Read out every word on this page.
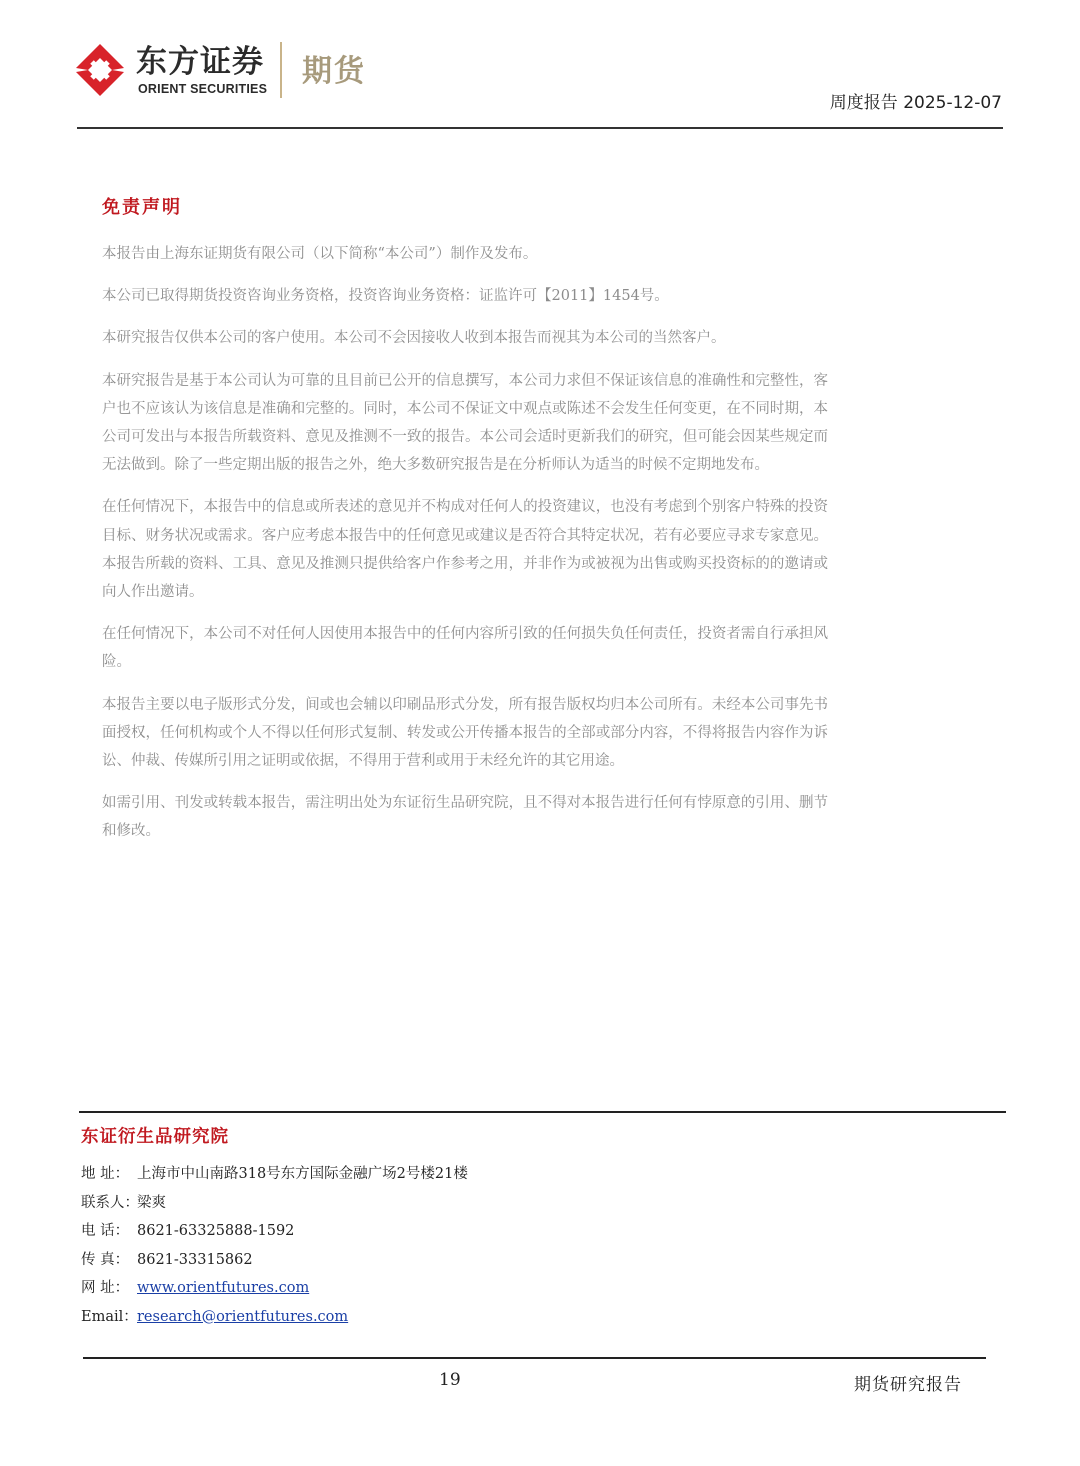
东方证券
ORIENT SECURITIES 期货
周度报告 2025-12-07
免责声明

本报告由上海东证期货有限公司（以下简称“本公司”）制作及发布。

本公司已取得期货投资咨询业务资格，投资咨询业务资格：证监许可【2011】1454号。

本研究报告仅供本公司的客户使用。本公司不会因接收人收到本报告而视其为本公司的当然客户。

本研究报告是基于本公司认为可靠的且目前已公开的信息撰写，本公司力求但不保证该信息的准确性和完整性，客户也不应该认为该信息是准确和完整的。同时，本公司不保证文中观点或陈述不会发生任何变更，在不同时期，本公司可发出与本报告所载资料、意见及推测不一致的报告。本公司会适时更新我们的研究，但可能会因某些规定而无法做到。除了一些定期出版的报告之外，绝大多数研究报告是在分析师认为适当的时候不定期地发布。

在任何情况下，本报告中的信息或所表述的意见并不构成对任何人的投资建议，也没有考虑到个别客户特殊的投资目标、财务状况或需求。客户应考虑本报告中的任何意见或建议是否符合其特定状况，若有必要应寻求专家意见。本报告所载的资料、工具、意见及推测只提供给客户作参考之用，并非作为或被视为出售或购买投资标的的邀请或向人作出邀请。

在任何情况下，本公司不对任何人因使用本报告中的任何内容所引致的任何损失负任何责任，投资者需自行承担风险。

本报告主要以电子版形式分发，间或也会辅以印刷品形式分发，所有报告版权均归本公司所有。未经本公司事先书面授权，任何机构或个人不得以任何形式复制、转发或公开传播本报告的全部或部分内容，不得将报告内容作为诉讼、仲裁、传媒所引用之证明或依据，不得用于营利或用于未经允许的其它用途。

如需引用、刊发或转载本报告，需注明出处为东证衍生品研究院，且不得对本报告进行任何有悖原意的引用、删节和修改。

东证衍生品研究院
地 址： 上海市中山南路318号东方国际金融广场2号楼21楼
联系人：梁爽
电 话： 8621-63325888-1592
传 真： 8621-33315862
网 址： www.orientfutures.com
Email：research@orientfutures.com
19	期货研究报告
